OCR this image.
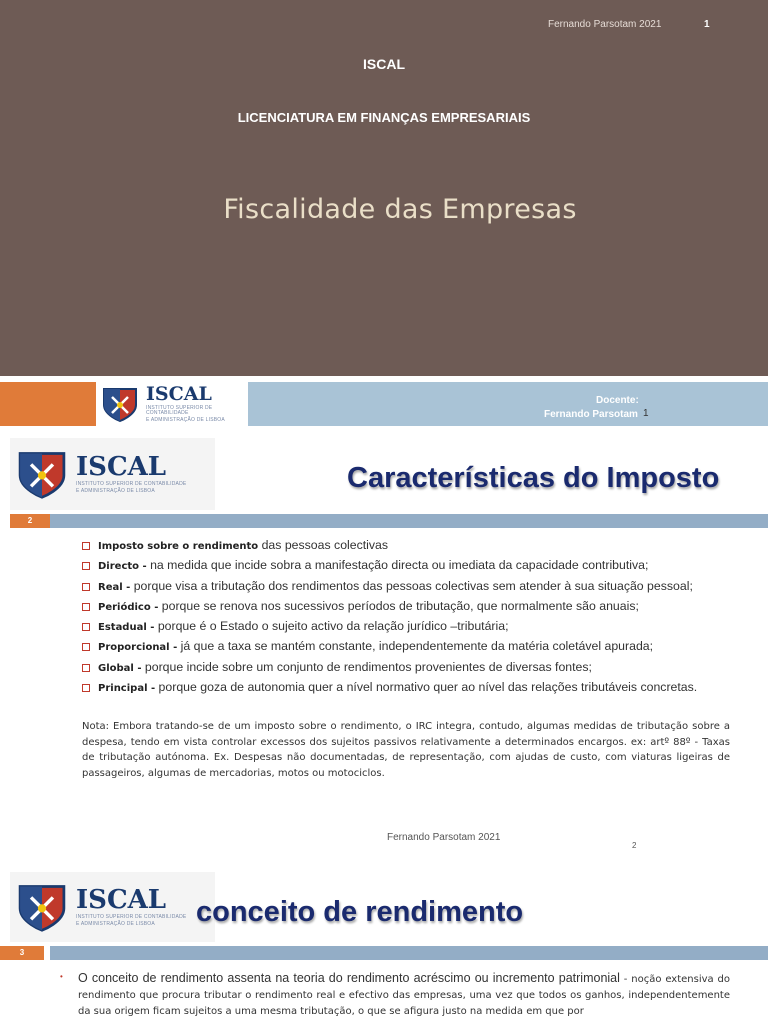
Fernando Parsotam 2021	1
ISCAL
LICENCIATURA EM FINANÇAS EMPRESARIAIS
Fiscalidade das Empresas
ISCAL
INSTITUTO SUPERIOR DE CONTABILIDADE
E ADMINISTRAÇÃO DE LISBOA
Docente:
Fernando Parsotam 1
ISCAL
INSTITUTO SUPERIOR DE CONTABILIDADE
E ADMINISTRAÇÃO DE LISBOA	Características do Imposto
2
Imposto sobre o rendimento das pessoas colectivas
Directo - na medida que incide sobra a manifestação directa ou imediata da capacidade contributiva;
Real - porque visa a tributação dos rendimentos das pessoas colectivas sem atender à sua situação pessoal;
Periódico - porque se renova nos sucessivos períodos de tributação, que normalmente são anuais;
Estadual - porque é o Estado o sujeito activo da relação jurídico –tributária;
Proporcional - já que a taxa se mantém constante, independentemente da matéria coletável apurada;
Global - porque incide sobre um conjunto de rendimentos provenientes de diversas fontes;
Principal - porque goza de autonomia quer a nível normativo quer ao nível das relações tributáveis concretas.
Nota: Embora tratando-se de um imposto sobre o rendimento, o IRC integra, contudo, algumas medidas de tributação sobre a despesa, tendo em vista controlar excessos dos sujeitos passivos relativamente a determinados encargos. ex: artº 88º - Taxas de tributação autónoma. Ex. Despesas não documentadas, de representação, com ajudas de custo, com viaturas ligeiras de passageiros, algumas de mercadorias, motos ou motociclos.
Fernando Parsotam 2021
2
ISCAL
INSTITUTO SUPERIOR DE CONTABILIDADE
E ADMINISTRAÇÃO DE LISBOA	conceito de rendimento
3
• O conceito de rendimento assenta na teoria do rendimento acréscimo ou incremento patrimonial - noção extensiva do rendimento que procura tributar o rendimento real e efectivo das empresas, uma vez que todos os ganhos, independentemente da sua origem ficam sujeitos a uma mesma tributação, o que se afigura justo na medida em que por
